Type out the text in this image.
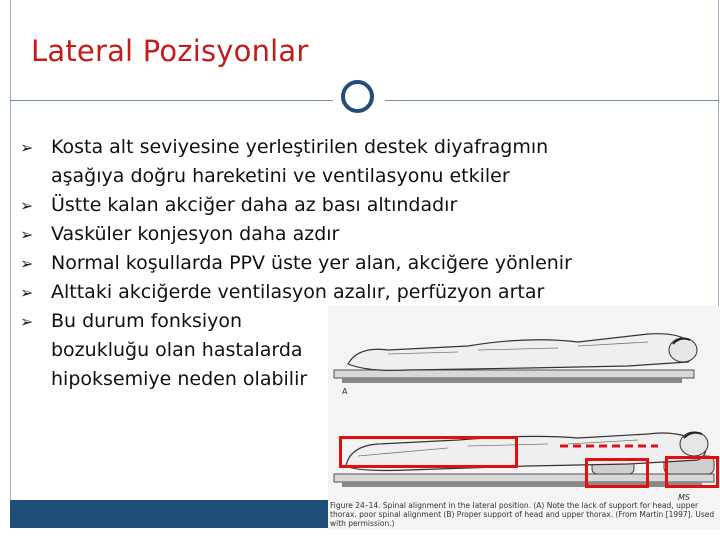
Lateral Pozisyonlar
➢ Kosta alt seviyesine yerleştirilen destek diyafragmın
aşağıya doğru hareketini ve ventilasyonu etkiler
➢ Üstte kalan akciğer daha az bası altındadır
➢ Vasküler konjesyon daha azdır
➢ Normal koşullarda PPV üste yer alan, akciğere yönlenir
➢ Alttaki akciğerde ventilasyon azalır, perfüzyon artar
➢ Bu durum fonksiyon
bozukluğu olan hastalarda
hipoksemiye neden olabilir
A
MS
Figure 24–14. Spinal alignment in the lateral position. (A) Note the lack of support for head, upper thorax. poor spinal alignment (B) Proper support of head and upper thorax. (From Martin [1997]. Used with permission.)
